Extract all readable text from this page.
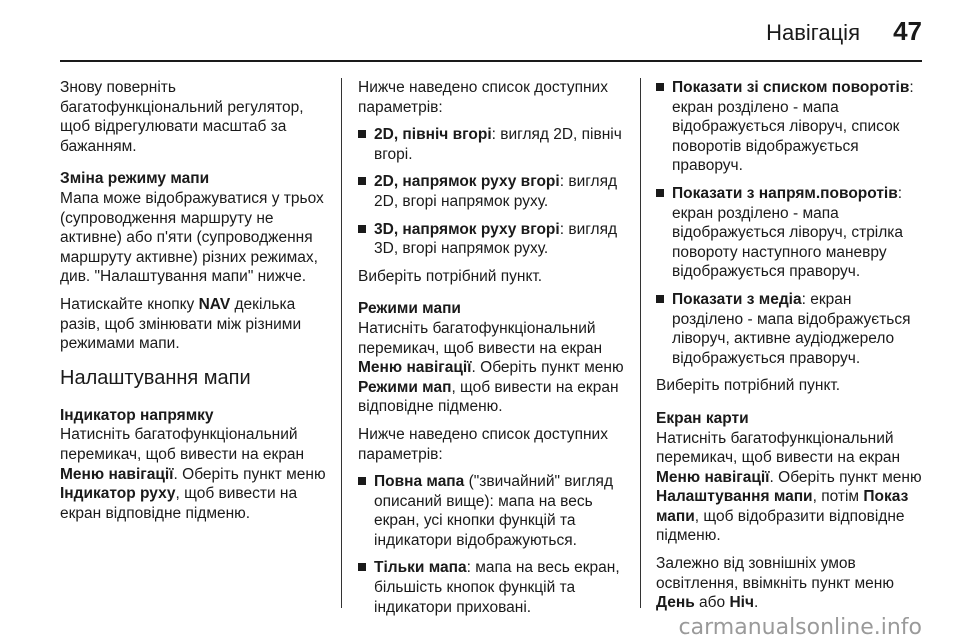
Навігація 47

Знову поверніть багатофункціональний регулятор, щоб відрегулювати масштаб за бажанням.

Зміна режиму мапи

Мапа може відображуватися у трьох (супроводження маршруту не активне) або п'яти (супроводження маршруту активне) різних режимах, див. "Налаштування мапи" нижче.

Натискайте кнопку NAV декілька разів, щоб змінювати між різними режимами мапи.

Налаштування мапи

Індикатор напрямку

Натисніть багатофункціональний перемикач, щоб вивести на екран Меню навігації. Оберіть пункт меню Індикатор руху, щоб вивести на екран відповідне підменю.

Нижче наведено список доступних параметрів:

2D, північ вгорі: вигляд 2D, північ вгорі.
2D, напрямок руху вгорі: вигляд 2D, вгорі напрямок руху.
3D, напрямок руху вгорі: вигляд 3D, вгорі напрямок руху.

Виберіть потрібний пункт.

Режими мапи

Натисніть багатофункціональний перемикач, щоб вивести на екран Меню навігації. Оберіть пункт меню Режими мап, щоб вивести на екран відповідне підменю.

Нижче наведено список доступних параметрів:

Повна мапа ("звичайний" вигляд описаний вище): мапа на весь екран, усі кнопки функцій та індикатори відображуються.
Тільки мапа: мапа на весь екран, більшість кнопок функцій та індикатори приховані.
Показати зі списком поворотів: екран розділено - мапа відображується ліворуч, список поворотів відображується праворуч.
Показати з напрям.поворотів: екран розділено - мапа відображується ліворуч, стрілка повороту наступного маневру відображується праворуч.
Показати з медіа: екран розділено - мапа відображується ліворуч, активне аудіоджерело відображується праворуч.

Виберіть потрібний пункт.

Екран карти

Натисніть багатофункціональний перемикач, щоб вивести на екран Меню навігації. Оберіть пункт меню Налаштування мапи, потім Показ мапи, щоб відобразити відповідне підменю.

Залежно від зовнішніх умов освітлення, ввімкніть пункт меню День або Ніч.

carmanualsonline.info
